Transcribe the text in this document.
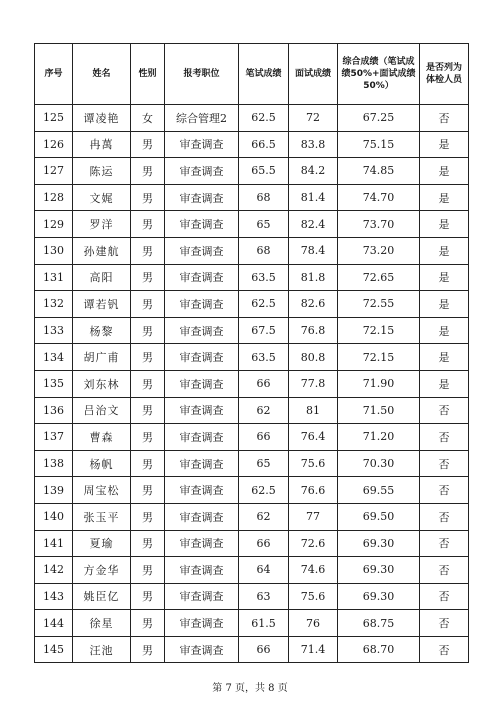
序号	姓名	性别	报考职位	笔试成绩	面试成绩	综合成绩（笔试成绩50%+面试成绩50%）	是否列为体检人员
125	谭凌艳	女	综合管理2	62.5	72	67.25	否
126	冉萬	男	审查调查	66.5	83.8	75.15	是
127	陈运	男	审查调查	65.5	84.2	74.85	是
128	文娓	男	审查调查	68	81.4	74.70	是
129	罗洋	男	审查调查	65	82.4	73.70	是
130	孙建航	男	审查调查	68	78.4	73.20	是
131	高阳	男	审查调查	63.5	81.8	72.65	是
132	谭若钒	男	审查调查	62.5	82.6	72.55	是
133	杨黎	男	审查调查	67.5	76.8	72.15	是
134	胡广甫	男	审查调查	63.5	80.8	72.15	是
135	刘东林	男	审查调查	66	77.8	71.90	是
136	吕治文	男	审查调查	62	81	71.50	否
137	曹森	男	审查调查	66	76.4	71.20	否
138	杨帆	男	审查调查	65	75.6	70.30	否
139	周宝松	男	审查调查	62.5	76.6	69.55	否
140	张玉平	男	审查调查	62	77	69.50	否
141	夏瑜	男	审查调查	66	72.6	69.30	否
142	方金华	男	审查调查	64	74.6	69.30	否
143	姚臣亿	男	审查调查	63	75.6	69.30	否
144	徐星	男	审查调查	61.5	76	68.75	否
145	汪池	男	审查调查	66	71.4	68.70	否
第 7 页，共 8 页
